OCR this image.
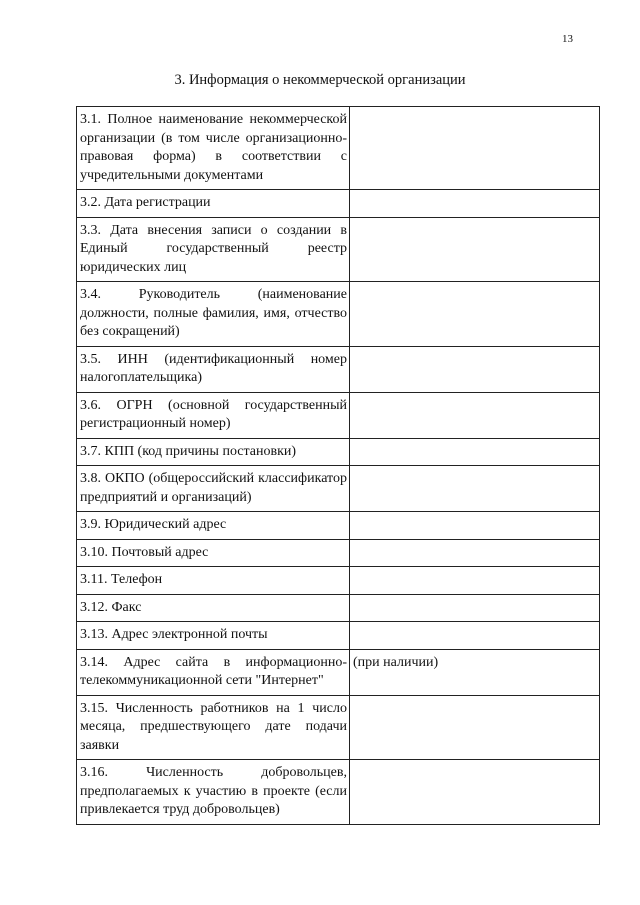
13
3. Информация о некоммерческой организации
3.1. Полное наименование некоммерческой организации (в том числе организационно-правовая форма) в соответствии с учредительными документами	
3.2. Дата регистрации	
3.3. Дата внесения записи о создании в Единый государственный реестр юридических лиц	
3.4. Руководитель (наименование должности, полные фамилия, имя, отчество без сокращений)	
3.5. ИНН (идентификационный номер налогоплательщика)	
3.6. ОГРН (основной государственный регистрационный номер)	
3.7. КПП (код причины постановки)	
3.8. ОКПО (общероссийский классификатор предприятий и организаций)	
3.9. Юридический адрес	
3.10. Почтовый адрес	
3.11. Телефон	
3.12. Факс	
3.13. Адрес электронной почты	
3.14. Адрес сайта в информационно-телекоммуникационной сети "Интернет"	(при наличии)
3.15. Численность работников на 1 число месяца, предшествующего дате подачи заявки	
3.16. Численность добровольцев, предполагаемых к участию в проекте (если привлекается труд добровольцев)	
